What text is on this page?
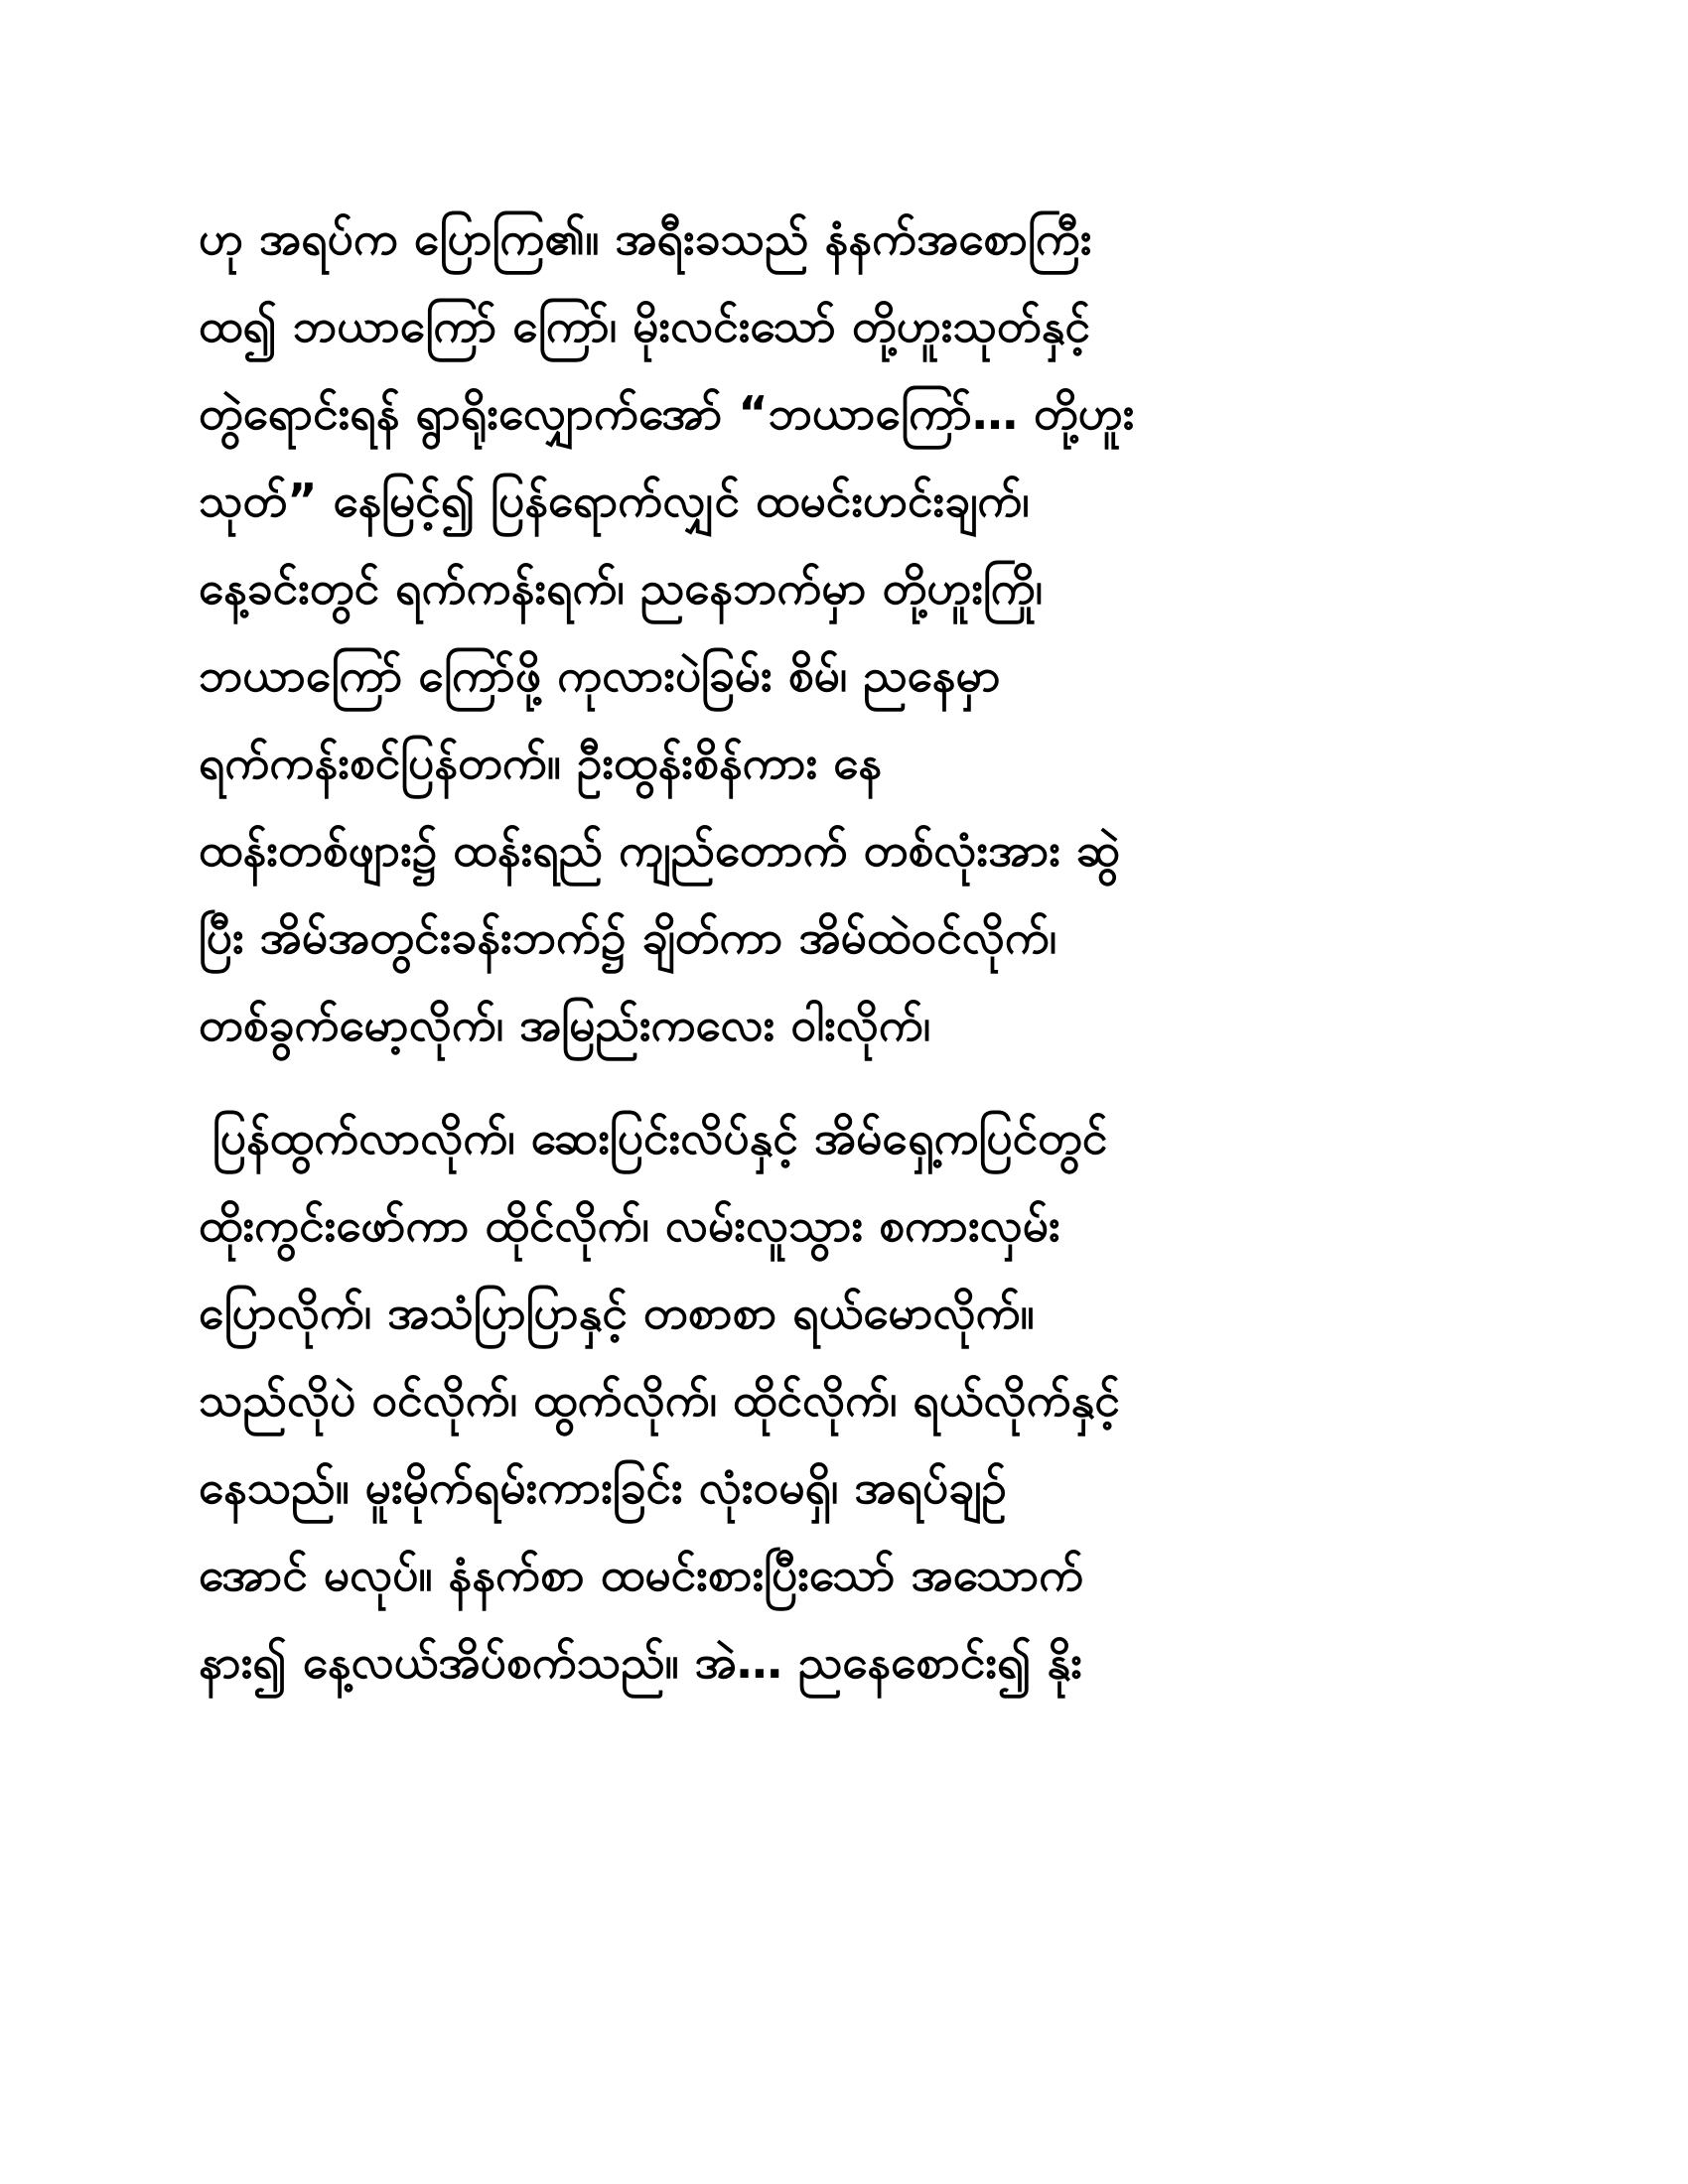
ဟု အရပ်က ပြောကြ၏။ အရီးခသည် နံနက်အစောကြီး
ထ၍ ဘယာကြော် ကြော်၊ မိုးလင်းသော် တို့ဟူးသုတ်နှင့်
တွဲရောင်းရန် ရွာရိုးလျှောက်အော် “ဘယာကြော်… တို့ဟူး
သုတ်” နေမြင့်၍ ပြန်ရောက်လျှင် ထမင်းဟင်းချက်၊
နေ့ခင်းတွင် ရက်ကန်းရက်၊ ညနေဘက်မှာ တို့ဟူးကြို၊
ဘယာကြော် ကြော်ဖို့ ကုလားပဲခြမ်း စိမ်၊ ညနေမှာ
ရက်ကန်းစင်ပြန်တက်။ ဦးထွန်းစိန်ကား နေ
ထန်းတစ်ဖျား၌ ထန်းရည် ကျည်တောက် တစ်လုံးအား ဆွဲ
ပြီး အိမ်အတွင်းခန်းဘက်၌ ချိတ်ကာ အိမ်ထဲဝင်လိုက်၊
တစ်ခွက်မော့လိုက်၊ အမြည်းကလေး ဝါးလိုက်၊
ပြန်ထွက်လာလိုက်၊ ဆေးပြင်းလိပ်နှင့် အိမ်ရှေ့ကပြင်တွင်
ထိုးကွင်းဖော်ကာ ထိုင်လိုက်၊ လမ်းလူသွား စကားလှမ်း
ပြောလိုက်၊ အသံပြာပြာနှင့် တစာစာ ရယ်မောလိုက်။
သည်လိုပဲ ဝင်လိုက်၊ ထွက်လိုက်၊ ထိုင်လိုက်၊ ရယ်လိုက်နှင့်
နေသည်။ မူးမိုက်ရမ်းကားခြင်း လုံးဝမရှိ၊ အရပ်ချဉ်
အောင် မလုပ်။ နံနက်စာ ထမင်းစားပြီးသော် အသောက်
နား၍ နေ့လယ်အိပ်စက်သည်။ အဲ… ညနေစောင်း၍ နိုး
